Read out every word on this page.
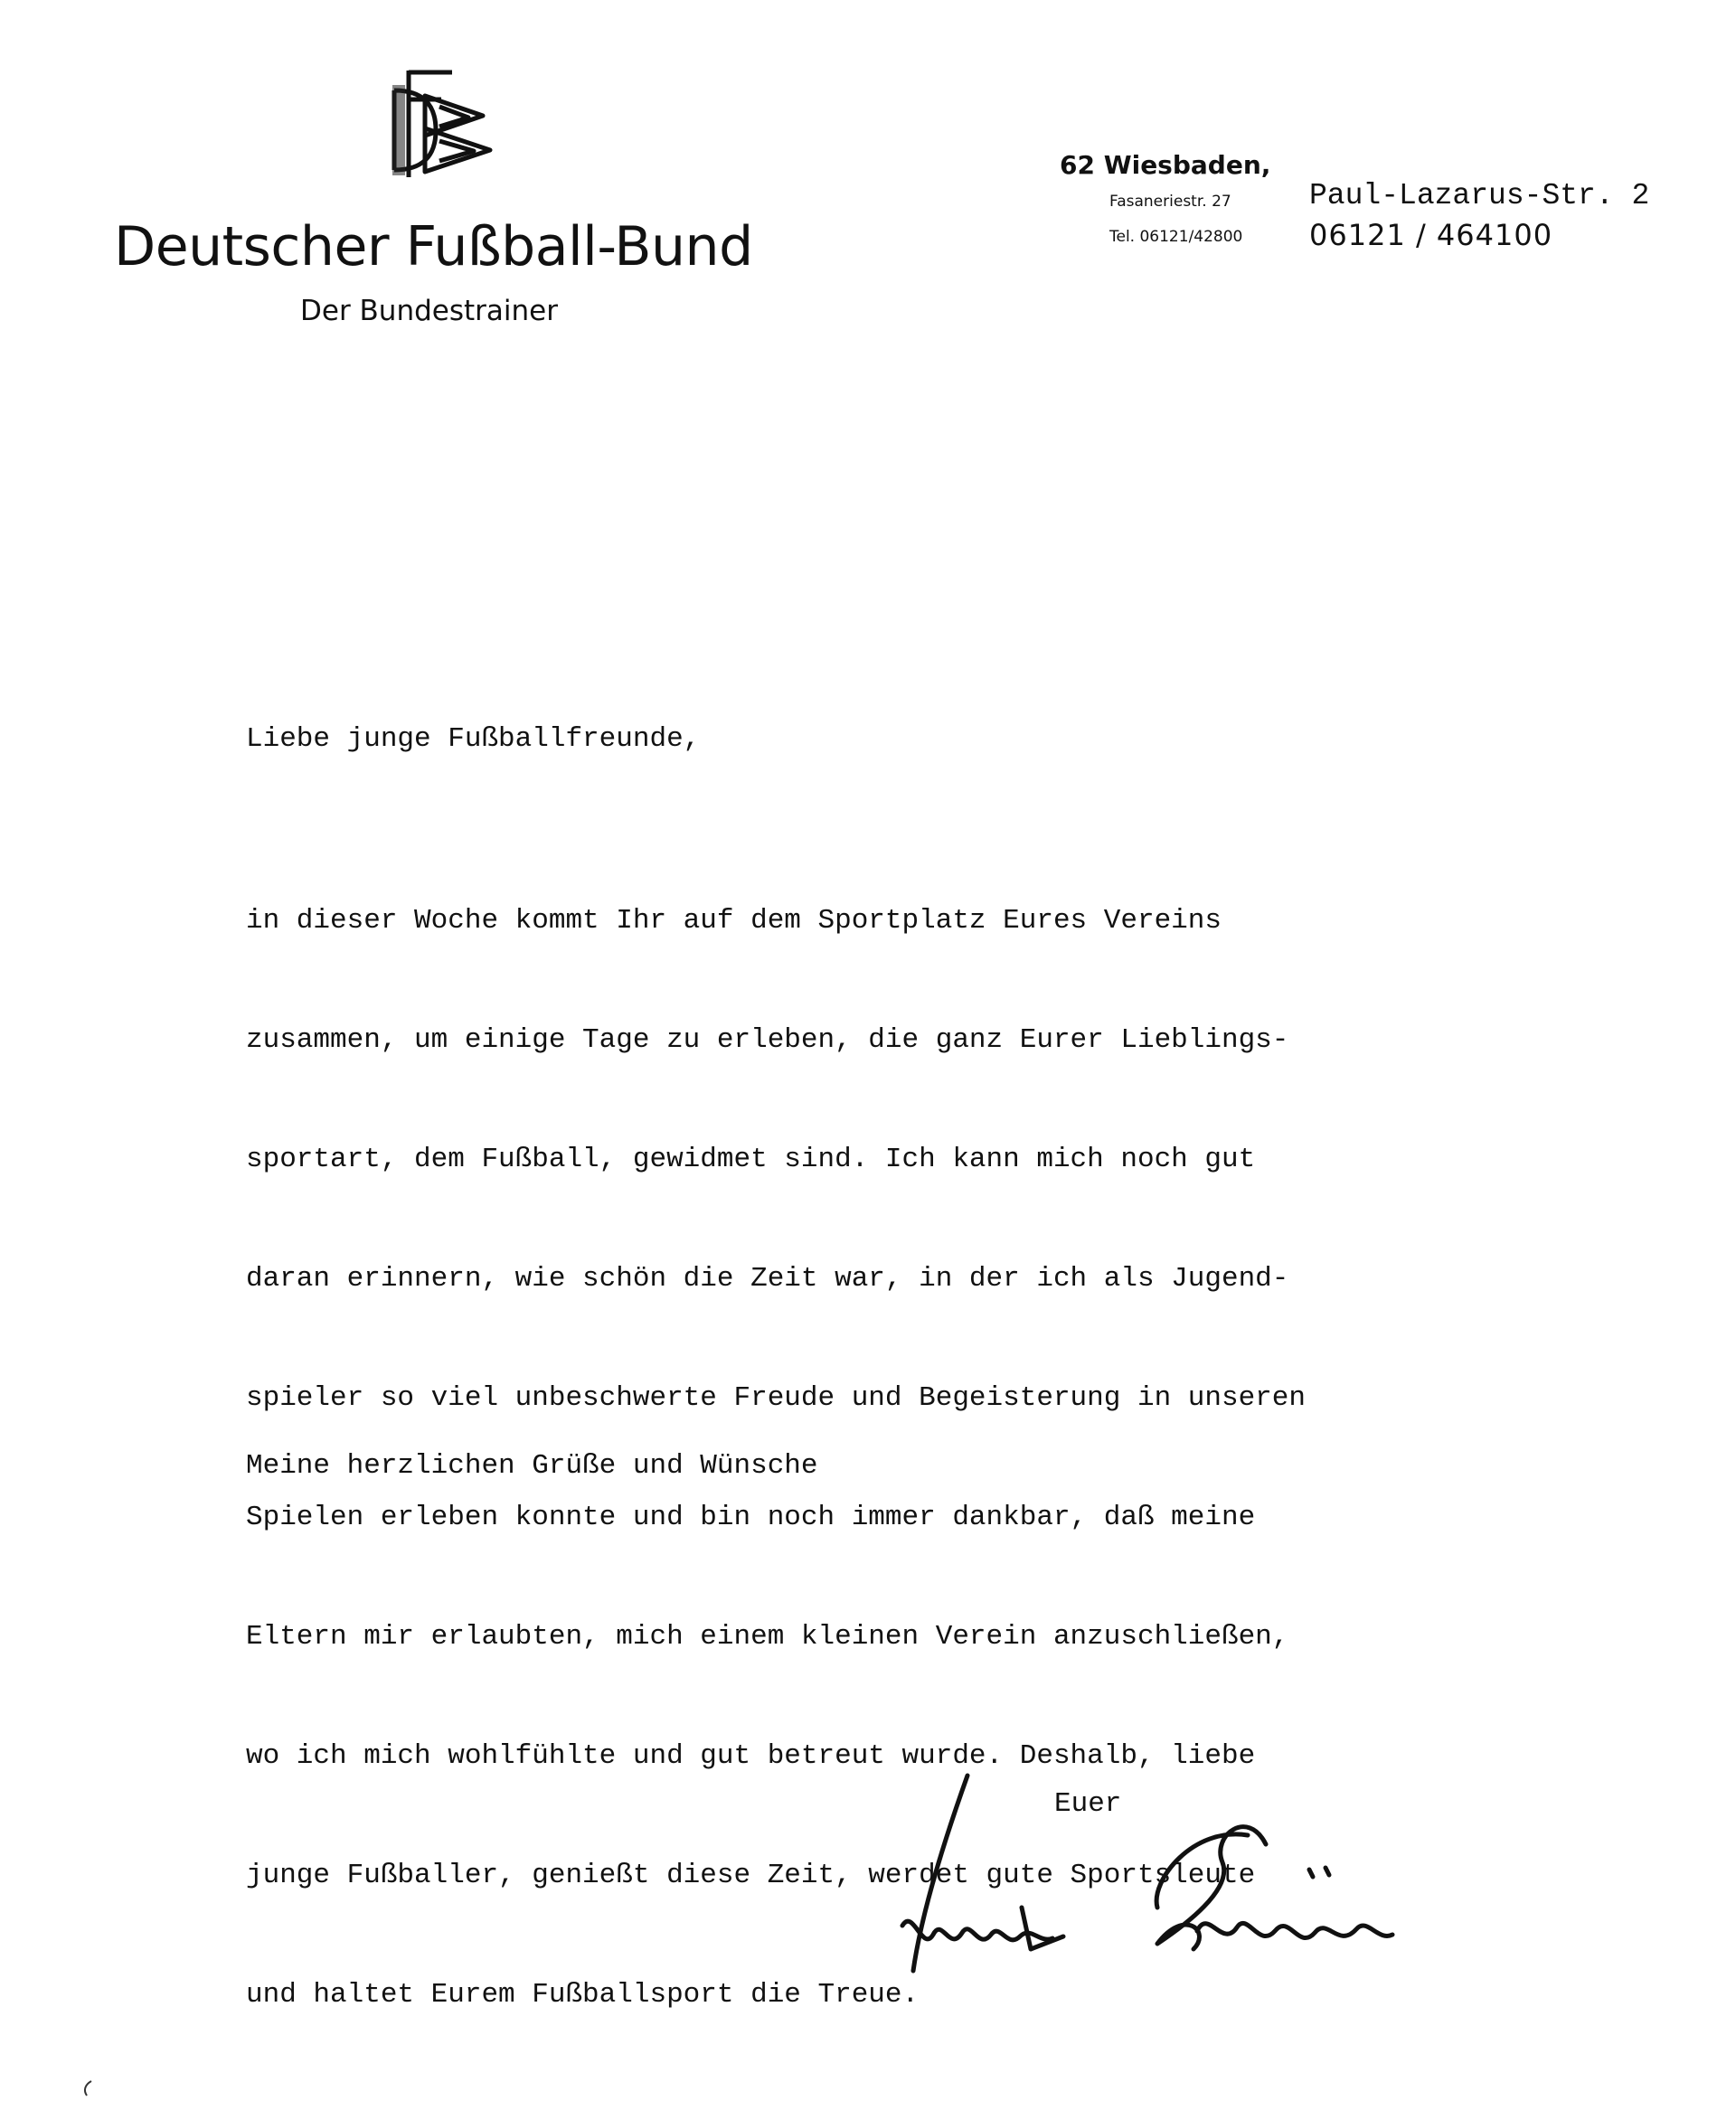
Deutscher Fußball-Bund
Der Bundestrainer
62 Wiesbaden,
Fasaneriestr. 27
Tel. 06121/42800
Paul-Lazarus-Str. 2
06121 / 464100
Liebe junge Fußballfreunde,

in dieser Woche kommt Ihr auf dem Sportplatz Eures Vereins

zusammen, um einige Tage zu erleben, die ganz Eurer Lieblings-

sportart, dem Fußball, gewidmet sind. Ich kann mich noch gut

daran erinnern, wie schön die Zeit war, in der ich als Jugend-

spieler so viel unbeschwerte Freude und Begeisterung in unseren

Spielen erleben konnte und bin noch immer dankbar, daß meine

Eltern mir erlaubten, mich einem kleinen Verein anzuschließen,

wo ich mich wohlfühlte und gut betreut wurde. Deshalb, liebe

junge Fußballer, genießt diese Zeit, werdet gute Sportsleute

und haltet Eurem Fußballsport die Treue.

Meine herzlichen Grüße und Wünsche
Euer
